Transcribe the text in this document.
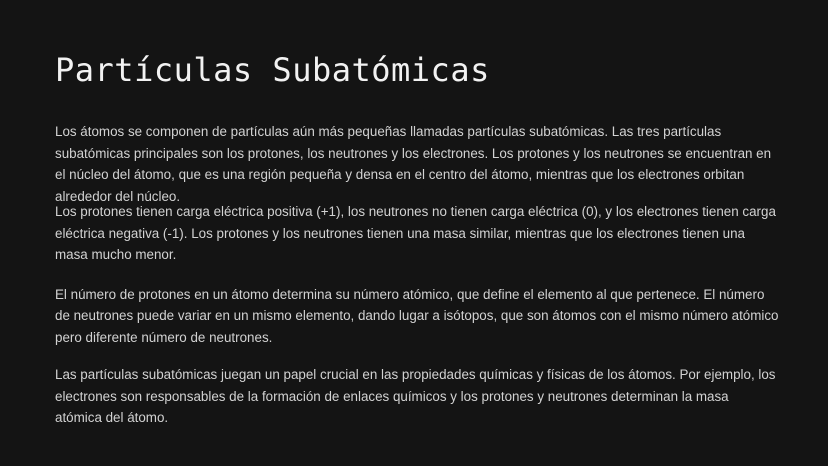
Partículas Subatómicas

Los átomos se componen de partículas aún más pequeñas llamadas partículas subatómicas. Las tres partículas subatómicas principales son los protones, los neutrones y los electrones. Los protones y los neutrones se encuentran en el núcleo del átomo, que es una región pequeña y densa en el centro del átomo, mientras que los electrones orbitan alrededor del núcleo.

Los protones tienen carga eléctrica positiva (+1), los neutrones no tienen carga eléctrica (0), y los electrones tienen carga eléctrica negativa (-1). Los protones y los neutrones tienen una masa similar, mientras que los electrones tienen una masa mucho menor.

El número de protones en un átomo determina su número atómico, que define el elemento al que pertenece. El número de neutrones puede variar en un mismo elemento, dando lugar a isótopos, que son átomos con el mismo número atómico pero diferente número de neutrones.

Las partículas subatómicas juegan un papel crucial en las propiedades químicas y físicas de los átomos. Por ejemplo, los electrones son responsables de la formación de enlaces químicos y los protones y neutrones determinan la masa atómica del átomo.
